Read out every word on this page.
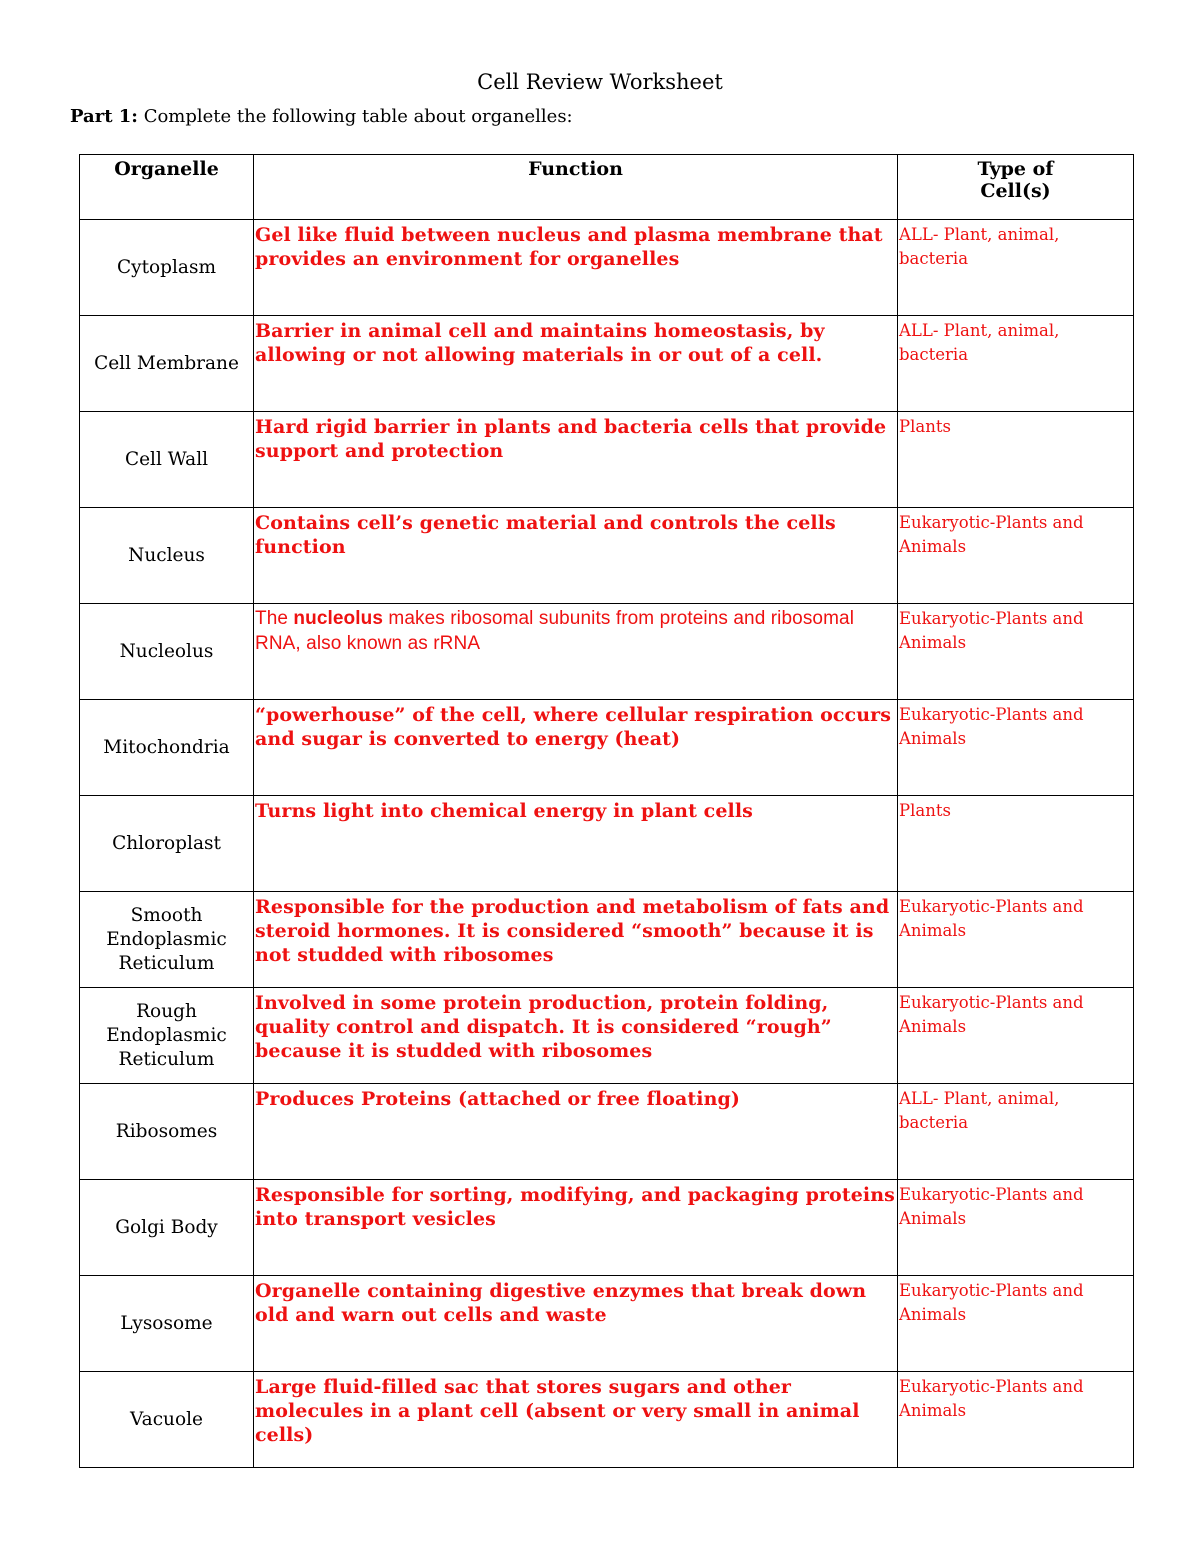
Cell Review Worksheet
Part 1: Complete the following table about organelles:
Organelle	Function	Type of Cell(s)

Cytoplasm	Gel like fluid between nucleus and plasma membrane that provides an environment for organelles	ALL- Plant, animal, bacteria
Cell Membrane	Barrier in animal cell and maintains homeostasis, by allowing or not allowing materials in or out of a cell.	ALL- Plant, animal, bacteria
Cell Wall	Hard rigid barrier in plants and bacteria cells that provide support and protection	Plants
Nucleus	Contains cell’s genetic material and controls the cells function	Eukaryotic-Plants and Animals
Nucleolus	The nucleolus makes ribosomal subunits from proteins and ribosomal RNA, also known as rRNA	Eukaryotic-Plants and Animals
Mitochondria	“powerhouse” of the cell, where cellular respiration occurs and sugar is converted to energy (heat)	Eukaryotic-Plants and Animals
Chloroplast	Turns light into chemical energy in plant cells	Plants
Smooth Endoplasmic Reticulum	Responsible for the production and metabolism of fats and steroid hormones. It is considered “smooth” because it is not studded with ribosomes	Eukaryotic-Plants and Animals
Rough Endoplasmic Reticulum	Involved in some protein production, protein folding, quality control and dispatch. It is considered “rough” because it is studded with ribosomes	Eukaryotic-Plants and Animals
Ribosomes	Produces Proteins (attached or free floating)	ALL- Plant, animal, bacteria
Golgi Body	Responsible for sorting, modifying, and packaging proteins into transport vesicles	Eukaryotic-Plants and Animals
Lysosome	Organelle containing digestive enzymes that break down old and warn out cells and waste	Eukaryotic-Plants and Animals
Vacuole	Large fluid-filled sac that stores sugars and other molecules in a plant cell (absent or very small in animal cells)	Eukaryotic-Plants and Animals
